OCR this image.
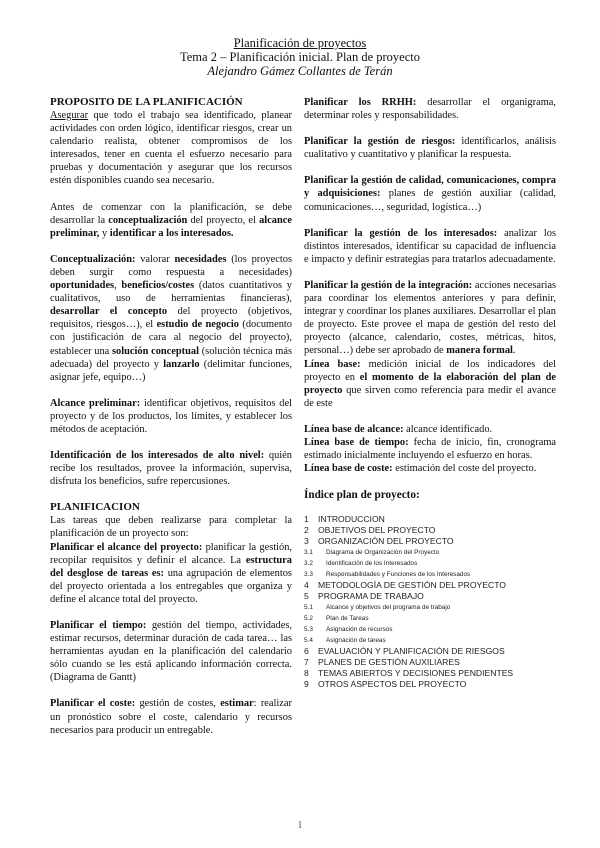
Planificación de proyectos
Tema 2 – Planificación inicial. Plan de proyecto
Alejandro Gámez Collantes de Terán
PROPOSITO DE LA PLANIFICACIÓN

Asegurar que todo el trabajo sea identificado, planear actividades con orden lógico, identificar riesgos, crear un calendario realista, obtener compromisos de los interesados, tener en cuenta el esfuerzo necesario para pruebas y documentación y asegurar que los recursos estén disponibles cuando sea necesario.

Antes de comenzar con la planificación, se debe desarrollar la conceptualización del proyecto, el alcance preliminar, y identificar a los interesados.

Conceptualización: valorar necesidades (los proyectos deben surgir como respuesta a necesidades) oportunidades, beneficios/costes (datos cuantitativos y cualitativos, uso de herramientas financieras), desarrollar el concepto del proyecto (objetivos, requisitos, riesgos…), el estudio de negocio (documento con justificación de cara al negocio del proyecto), establecer una solución conceptual (solución técnica más adecuada) del proyecto y lanzarlo (delimitar funciones, asignar jefe, equipo…)

Alcance preliminar: identificar objetivos, requisitos del proyecto y de los productos, los límites, y establecer los métodos de aceptación.

Identificación de los interesados de alto nivel: quién recibe los resultados, provee la información, supervisa, disfruta los beneficios, sufre repercusiones.

PLANIFICACION

Las tareas que deben realizarse para completar la planificación de un proyecto son:

Planificar el alcance del proyecto: planificar la gestión, recopilar requisitos y definir el alcance. La estructura del desglose de tareas es: una agrupación de elementos del proyecto orientada a los entregables que organiza y define el alcance total del proyecto.

Planificar el tiempo: gestión del tiempo, actividades, estimar recursos, determinar duración de cada tarea… las herramientas ayudan en la planificación del calendario sólo cuando se les está aplicando información correcta. (Diagrama de Gantt)

Planificar el coste: gestión de costes, estimar: realizar un pronóstico sobre el coste, calendario y recursos necesarios para producir un entregable.

Planificar los RRHH: desarrollar el organigrama, determinar roles y responsabilidades.

Planificar la gestión de riesgos: identificarlos, análisis cualitativo y cuantitativo y planificar la respuesta.

Planificar la gestión de calidad, comunicaciones, compra y adquisiciones: planes de gestión auxiliar (calidad, comunicaciones…, seguridad, logística…)

Planificar la gestión de los interesados: analizar los distintos interesados, identificar su capacidad de influencia e impacto y definir estrategias para tratarlos adecuadamente.

Planificar la gestión de la integración: acciones necesarias para coordinar los elementos anteriores y para definir, integrar y coordinar los planes auxiliares. Desarrollar el plan de proyecto. Este provee el mapa de gestión del resto del proyecto (alcance, calendario, costes, métricas, hitos, personal…) debe ser aprobado de manera formal.

Línea base: medición inicial de los indicadores del proyecto en el momento de la elaboración del plan de proyecto que sirven como referencia para medir el avance de este

Línea base de alcance: alcance identificado.

Línea base de tiempo: fecha de inicio, fin, cronograma estimado inicialmente incluyendo el esfuerzo en horas.

Línea base de coste: estimación del coste del proyecto.

Índice plan de proyecto:

1	INTRODUCCION
2	OBJETIVOS DEL PROYECTO
3	ORGANIZACIÓN DEL PROYECTO
3.1	Diagrama de Organización del Proyecto
3.2	Identificación de los Interesados
3.3	Responsabilidades y Funciones de los Interesados
4	METODOLOGÍA DE GESTIÓN DEL PROYECTO
5	PROGRAMA DE TRABAJO
5.1	Alcance y objetivos del programa de trabajo
5.2	Plan de Tareas
5.3	Asignación de recursos
5.4	Asignación de tareas
6	EVALUACIÓN Y PLANIFICACIÓN DE RIESGOS
7	PLANES DE GESTIÓN AUXILIARES
8	TEMAS ABIERTOS Y DECISIONES PENDIENTES
9	OTROS ASPECTOS DEL PROYECTO
1
